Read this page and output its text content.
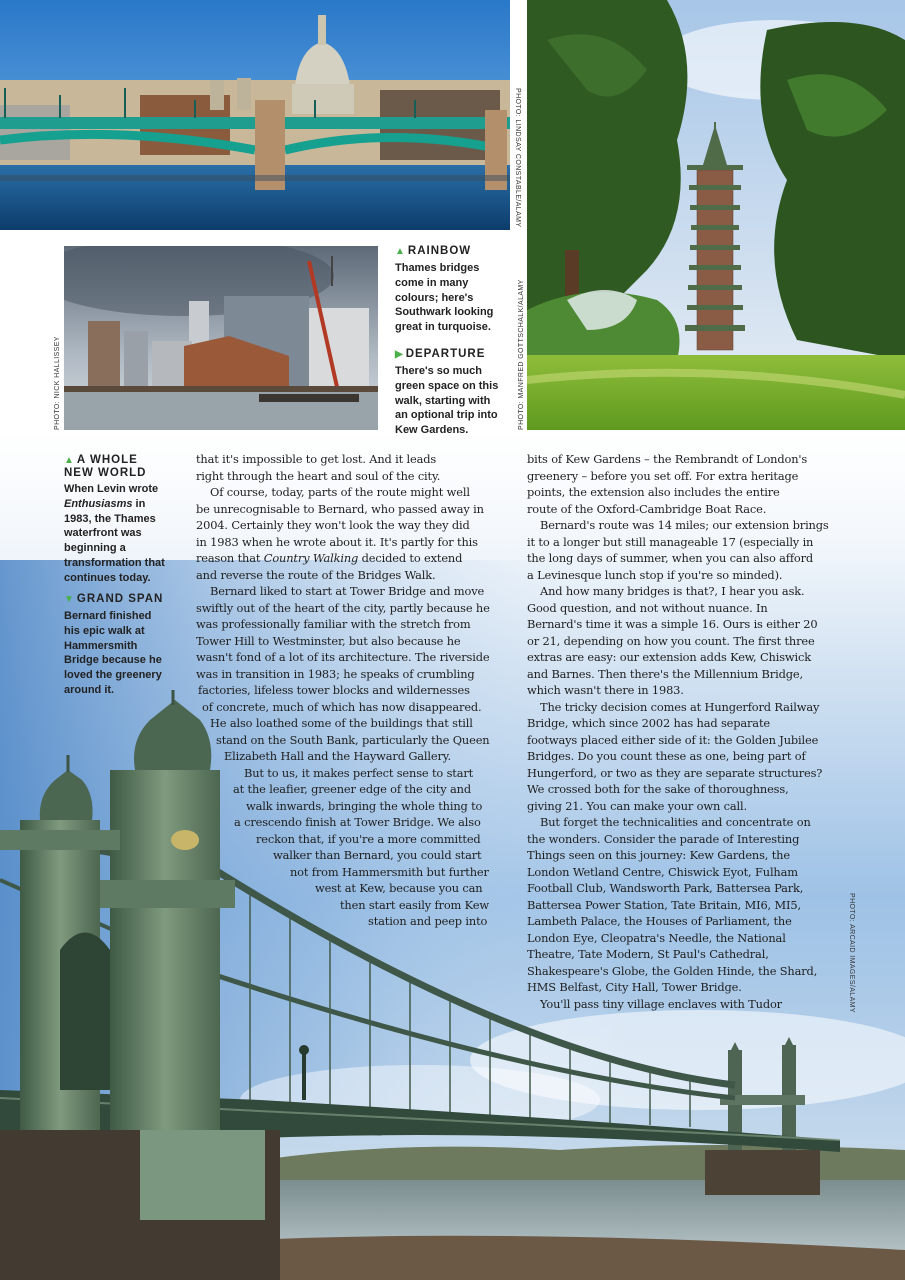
PHOTO: LINDSAY CONSTABLE/ALAMY
PHOTO: MANFRED GOTTSCHALK/ALAMY
PHOTO: NICK HALLISSEY
PHOTO: ARCAID IMAGES/ALAMY
▲ RAINBOW
Thames bridges
come in many
colours; here's
Southwark looking
great in turquoise.
▶ DEPARTURE
There's so much
green space on this
walk, starting with
an optional trip into
Kew Gardens.
▲ A WHOLE
NEW WORLD
When Levin wrote
Enthusiasms in
1983, the Thames
waterfront was
beginning a
transformation that
continues today.
▼ GRAND SPAN
Bernard finished
his epic walk at
Hammersmith
Bridge because he
loved the greenery
around it.
that it's impossible to get lost. And it leads
right through the heart and soul of the city.
Of course, today, parts of the route might well
be unrecognisable to Bernard, who passed away in
2004. Certainly they won't look the way they did
in 1983 when he wrote about it. It's partly for this
reason that Country Walking decided to extend
and reverse the route of the Bridges Walk.
Bernard liked to start at Tower Bridge and move
swiftly out of the heart of the city, partly because he
was professionally familiar with the stretch from
Tower Hill to Westminster, but also because he
wasn't fond of a lot of its architecture. The riverside
was in transition in 1983; he speaks of crumbling
factories, lifeless tower blocks and wildernesses
of concrete, much of which has now disappeared.
He also loathed some of the buildings that still
stand on the South Bank, particularly the Queen
Elizabeth Hall and the Hayward Gallery.
But to us, it makes perfect sense to start
at the leafier, greener edge of the city and
walk inwards, bringing the whole thing to
a crescendo finish at Tower Bridge. We also
reckon that, if you're a more committed
walker than Bernard, you could start
not from Hammersmith but further
west at Kew, because you can
then start easily from Kew
station and peep into
bits of Kew Gardens – the Rembrandt of London's
greenery – before you set off. For extra heritage
points, the extension also includes the entire
route of the Oxford-Cambridge Boat Race.
Bernard's route was 14 miles; our extension brings
it to a longer but still manageable 17 (especially in
the long days of summer, when you can also afford
a Levinesque lunch stop if you're so minded).
And how many bridges is that?, I hear you ask.
Good question, and not without nuance. In
Bernard's time it was a simple 16. Ours is either 20
or 21, depending on how you count. The first three
extras are easy: our extension adds Kew, Chiswick
and Barnes. Then there's the Millennium Bridge,
which wasn't there in 1983.
The tricky decision comes at Hungerford Railway
Bridge, which since 2002 has had separate
footways placed either side of it: the Golden Jubilee
Bridges. Do you count these as one, being part of
Hungerford, or two as they are separate structures?
We crossed both for the sake of thoroughness,
giving 21. You can make your own call.
But forget the technicalities and concentrate on
the wonders. Consider the parade of Interesting
Things seen on this journey: Kew Gardens, the
London Wetland Centre, Chiswick Eyot, Fulham
Football Club, Wandsworth Park, Battersea Park,
Battersea Power Station, Tate Britain, MI6, MI5,
Lambeth Palace, the Houses of Parliament, the
London Eye, Cleopatra's Needle, the National
Theatre, Tate Modern, St Paul's Cathedral,
Shakespeare's Globe, the Golden Hinde, the Shard,
HMS Belfast, City Hall, Tower Bridge.
You'll pass tiny village enclaves with Tudor
